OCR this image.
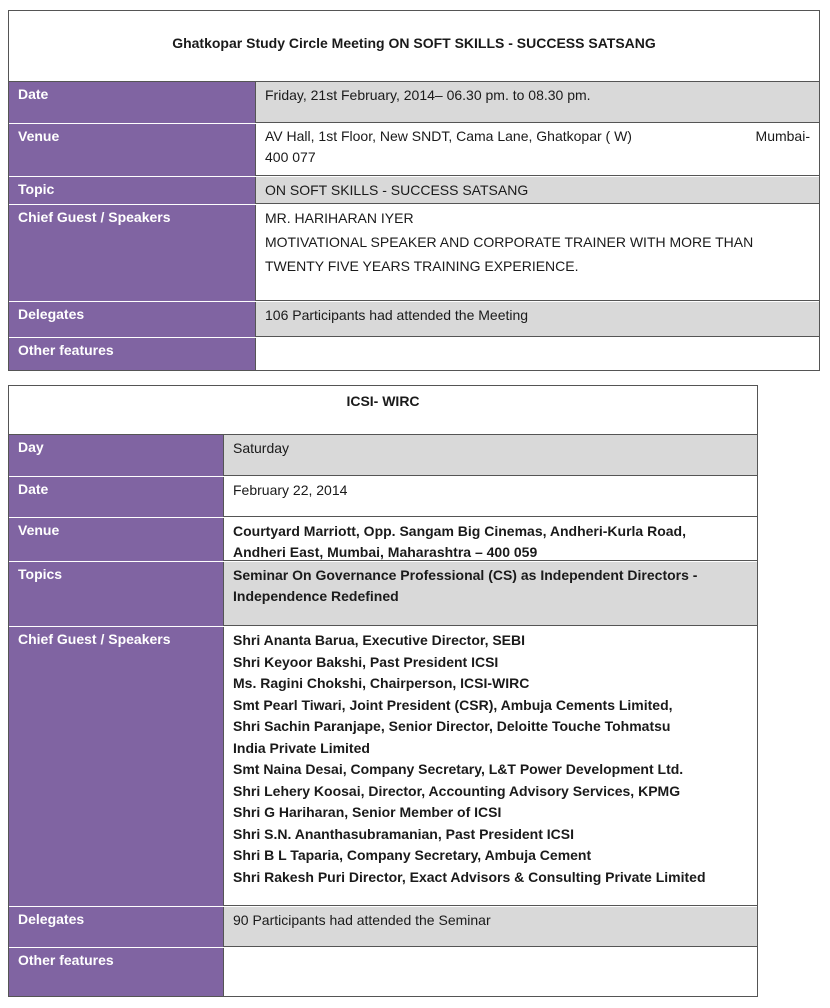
Ghatkopar Study Circle Meeting ON SOFT SKILLS - SUCCESS SATSANG
Date	Friday, 21st February, 2014– 06.30 pm. to 08.30 pm.
Venue	AV Hall, 1st Floor, New SNDT, Cama Lane, Ghatkopar ( W)	Mumbai-
400 077
Topic	ON SOFT SKILLS - SUCCESS SATSANG
Chief Guest / Speakers	MR. HARIHARAN IYER
MOTIVATIONAL SPEAKER AND CORPORATE TRAINER WITH MORE THAN
TWENTY FIVE YEARS TRAINING EXPERIENCE.
Delegates	106 Participants had attended the Meeting
Other features
ICSI- WIRC
Day	Saturday
Date	February 22, 2014
Venue	Courtyard Marriott, Opp. Sangam Big Cinemas, Andheri-Kurla Road,
Andheri East, Mumbai, Maharashtra – 400 059
Topics	Seminar On Governance Professional (CS) as Independent Directors -
Independence Redefined
Chief Guest / Speakers	Shri Ananta Barua, Executive Director, SEBI
Shri Keyoor Bakshi, Past President ICSI
Ms. Ragini Chokshi, Chairperson, ICSI-WIRC
Smt Pearl Tiwari, Joint President (CSR), Ambuja Cements Limited,
Shri Sachin Paranjape, Senior Director, Deloitte Touche Tohmatsu
India Private Limited
Smt Naina Desai, Company Secretary, L&T Power Development Ltd.
Shri Lehery Koosai, Director, Accounting Advisory Services, KPMG
Shri G Hariharan, Senior Member of ICSI
Shri S.N. Ananthasubramanian, Past President ICSI
Shri B L Taparia, Company Secretary, Ambuja Cement
Shri Rakesh Puri Director, Exact Advisors & Consulting Private Limited
Delegates	90 Participants had attended the Seminar
Other features
